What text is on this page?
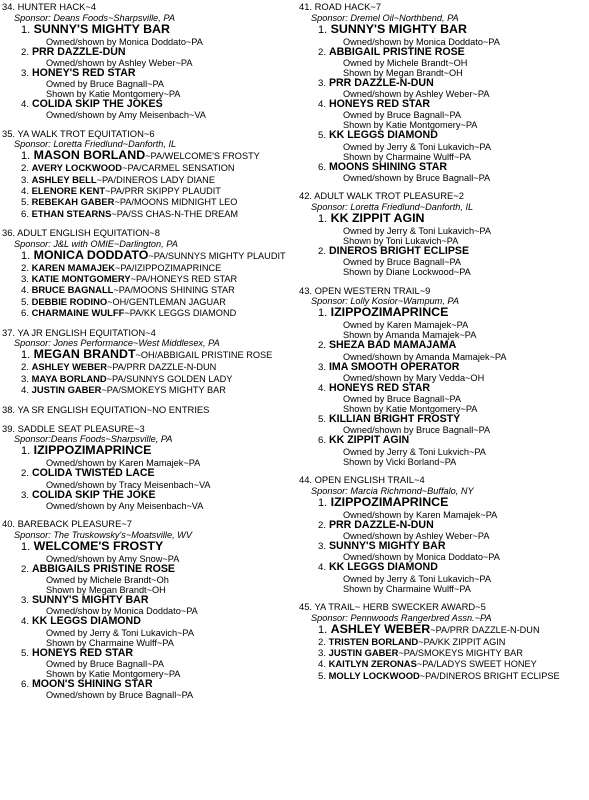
34. HUNTER HACK~4
Sponsor: Deans Foods~Sharpsville, PA
1. SUNNY'S MIGHTY BAR
Owned/shown by Monica Doddato~PA
2. PRR DAZZLE-DUN
Owned/shown by Ashley Weber~PA
3. HONEY'S RED STAR
Owned by Bruce Bagnall~PA
Shown by Katie Montgomery~PA
4. COLIDA SKIP THE JOKES
Owned/shown by Amy Meisenbach~VA
35. YA WALK TROT EQUITATION~6
Sponsor: Loretta Friedlund~Danforth, IL
1. MASON BORLAND~PA/WELCOME'S FROSTY
2. AVERY LOCKWOOD~PA/CARMEL SENSATION
3. ASHLEY BELL~PA/DINEROS LADY DIANE
4. ELENORE KENT~PA/PRR SKIPPY PLAUDIT
5. REBEKAH GABER~PA/MOONS MIDNIGHT LEO
6. ETHAN STEARNS~PA/SS CHAS-N-THE DREAM
36. ADULT ENGLISH EQUITATION~8
Sponsor: J&L with OMIE~Darlington, PA
1. MONICA DODDATO~PA/SUNNYS MIGHTY PLAUDIT
2. KAREN MAMAJEK~PA/IZIPPOZIMAPRINCE
3. KATIE MONTGOMERY~PA/HONEYS RED STAR
4. BRUCE BAGNALL~PA/MOONS SHINING STAR
5. DEBBIE RODINO~OH/GENTLEMAN JAGUAR
6. CHARMAINE WULFF~PA/KK LEGGS DIAMOND
37. YA JR ENGLISH EQUITATION~4
Sponsor: Jones Performance~West Middlesex, PA
1. MEGAN BRANDT~OH/ABBIGAIL PRISTINE ROSE
2. ASHLEY WEBER~PA/PRR DAZZLE-N-DUN
3. MAYA BORLAND~PA/SUNNYS GOLDEN LADY
4. JUSTIN GABER~PA/SMOKEYS MIGHTY BAR
38. YA SR ENGLISH EQUITATION~NO ENTRIES
39. SADDLE SEAT PLEASURE~3
Sponsor:Deans Foods~Sharpsville, PA
1. IZIPPOZIMAPRINCE
Owned/shown by Karen Mamajek~PA
2. COLIDA TWISTED LACE
Owned/shown by Tracy Meisenbach~VA
3. COLIDA SKIP THE JOKE
Owned/shown by Any Meisenbach~VA
40. BAREBACK PLEASURE~7
Sponsor: The Truskowsky's~Moatsville, WV
1. WELCOME'S FROSTY
Owned/shown by Amy Snow~PA
2. ABBIGAILS PRISTINE ROSE
Owned by Michele Brandt~Oh
Shown by Megan Brandt~OH
3. SUNNY'S MIGHTY BAR
Owned/show by Monica Doddato~PA
4. KK LEGGS DIAMOND
Owned by Jerry & Toni Lukavich~PA
Shown by Charmaine Wulff~PA
5. HONEYS RED STAR
Owned by Bruce Bagnall~PA
Shown by Katie Montgomery~PA
6. MOON'S SHINING STAR
Owned/shown by Bruce Bagnall~PA
41. ROAD HACK~7
Sponsor: Dremel Oil~Northbend, PA
1. SUNNY'S MIGHTY BAR
Owned/shown by Monica Doddato~PA
2. ABBIGAIL PRISTINE ROSE
Owned by Michele Brandt~OH
Shown by Megan Brandt~OH
3. PRR DAZZLE-N-DUN
Owned/shown by Ashley Weber~PA
4. HONEYS RED STAR
Owned by Bruce Bagnall~PA
Shown by Katie Montgomery~PA
5. KK LEGGS DIAMOND
Owned by Jerry & Toni Lukavich~PA
Shown by Charmaine Wulff~PA
6. MOONS SHINING STAR
Owned/shown by Bruce Bagnall~PA
42. ADULT WALK TROT PLEASURE~2
Sponsor: Loretta Friedlund~Danforth, IL
1. KK ZIPPIT AGIN
Owned by Jerry & Toni Lukavich~PA
Shown by Toni Lukavich~PA
2. DINEROS BRIGHT ECLIPSE
Owned by Bruce Bagnall~PA
Shown by Diane Lockwood~PA
43. OPEN WESTERN TRAIL~9
Sponsor: Lolly Kosior~Wampum, PA
1. IZIPPOZIMAPRINCE
Owned by Karen Mamajek~PA
Shown by Amanda Mamajek~PA
2. SHEZA BAD MAMAJAMA
Owned/shown by Amanda Mamajek~PA
3. IMA SMOOTH OPERATOR
Owned/shown by Mary Vedda~OH
4. HONEYS RED STAR
Owned by Bruce Bagnall~PA
Shown by Katie Montgomery~PA
5. KILLIAN BRIGHT FROSTY
Owned/shown by Bruce Bagnall~PA
6. KK ZIPPIT AGIN
Owned by Jerry & Toni Lukvich~PA
Shown by Vicki Borland~PA
44. OPEN ENGLISH TRAIL~4
Sponsor: Marcia Richmond~Buffalo, NY
1. IZIPPOZIMAPRINCE
Owned/shown by Karen Mamajek~PA
2. PRR DAZZLE-N-DUN
Owned/shown by Ashley Weber~PA
3. SUNNY'S MIGHTY BAR
Owned/shown by Monica Doddato~PA
4. KK LEGGS DIAMOND
Owned by Jerry & Toni Lukavich~PA
Shown by Charmaine Wulff~PA
45. YA TRAIL~ HERB SWECKER AWARD~5
Sponsor: Pennwoods Rangerbred Assn.~PA
1. ASHLEY WEBER~PA/PRR DAZZLE-N-DUN
2. TRISTEN BORLAND~PA/KK ZIPPIT AGIN
3. JUSTIN GABER~PA/SMOKEYS MIGHTY BAR
4. KAITLYN ZERONAS~PA/LADYS SWEET HONEY
5. MOLLY LOCKWOOD~PA/DINEROS BRIGHT ECLIPSE
